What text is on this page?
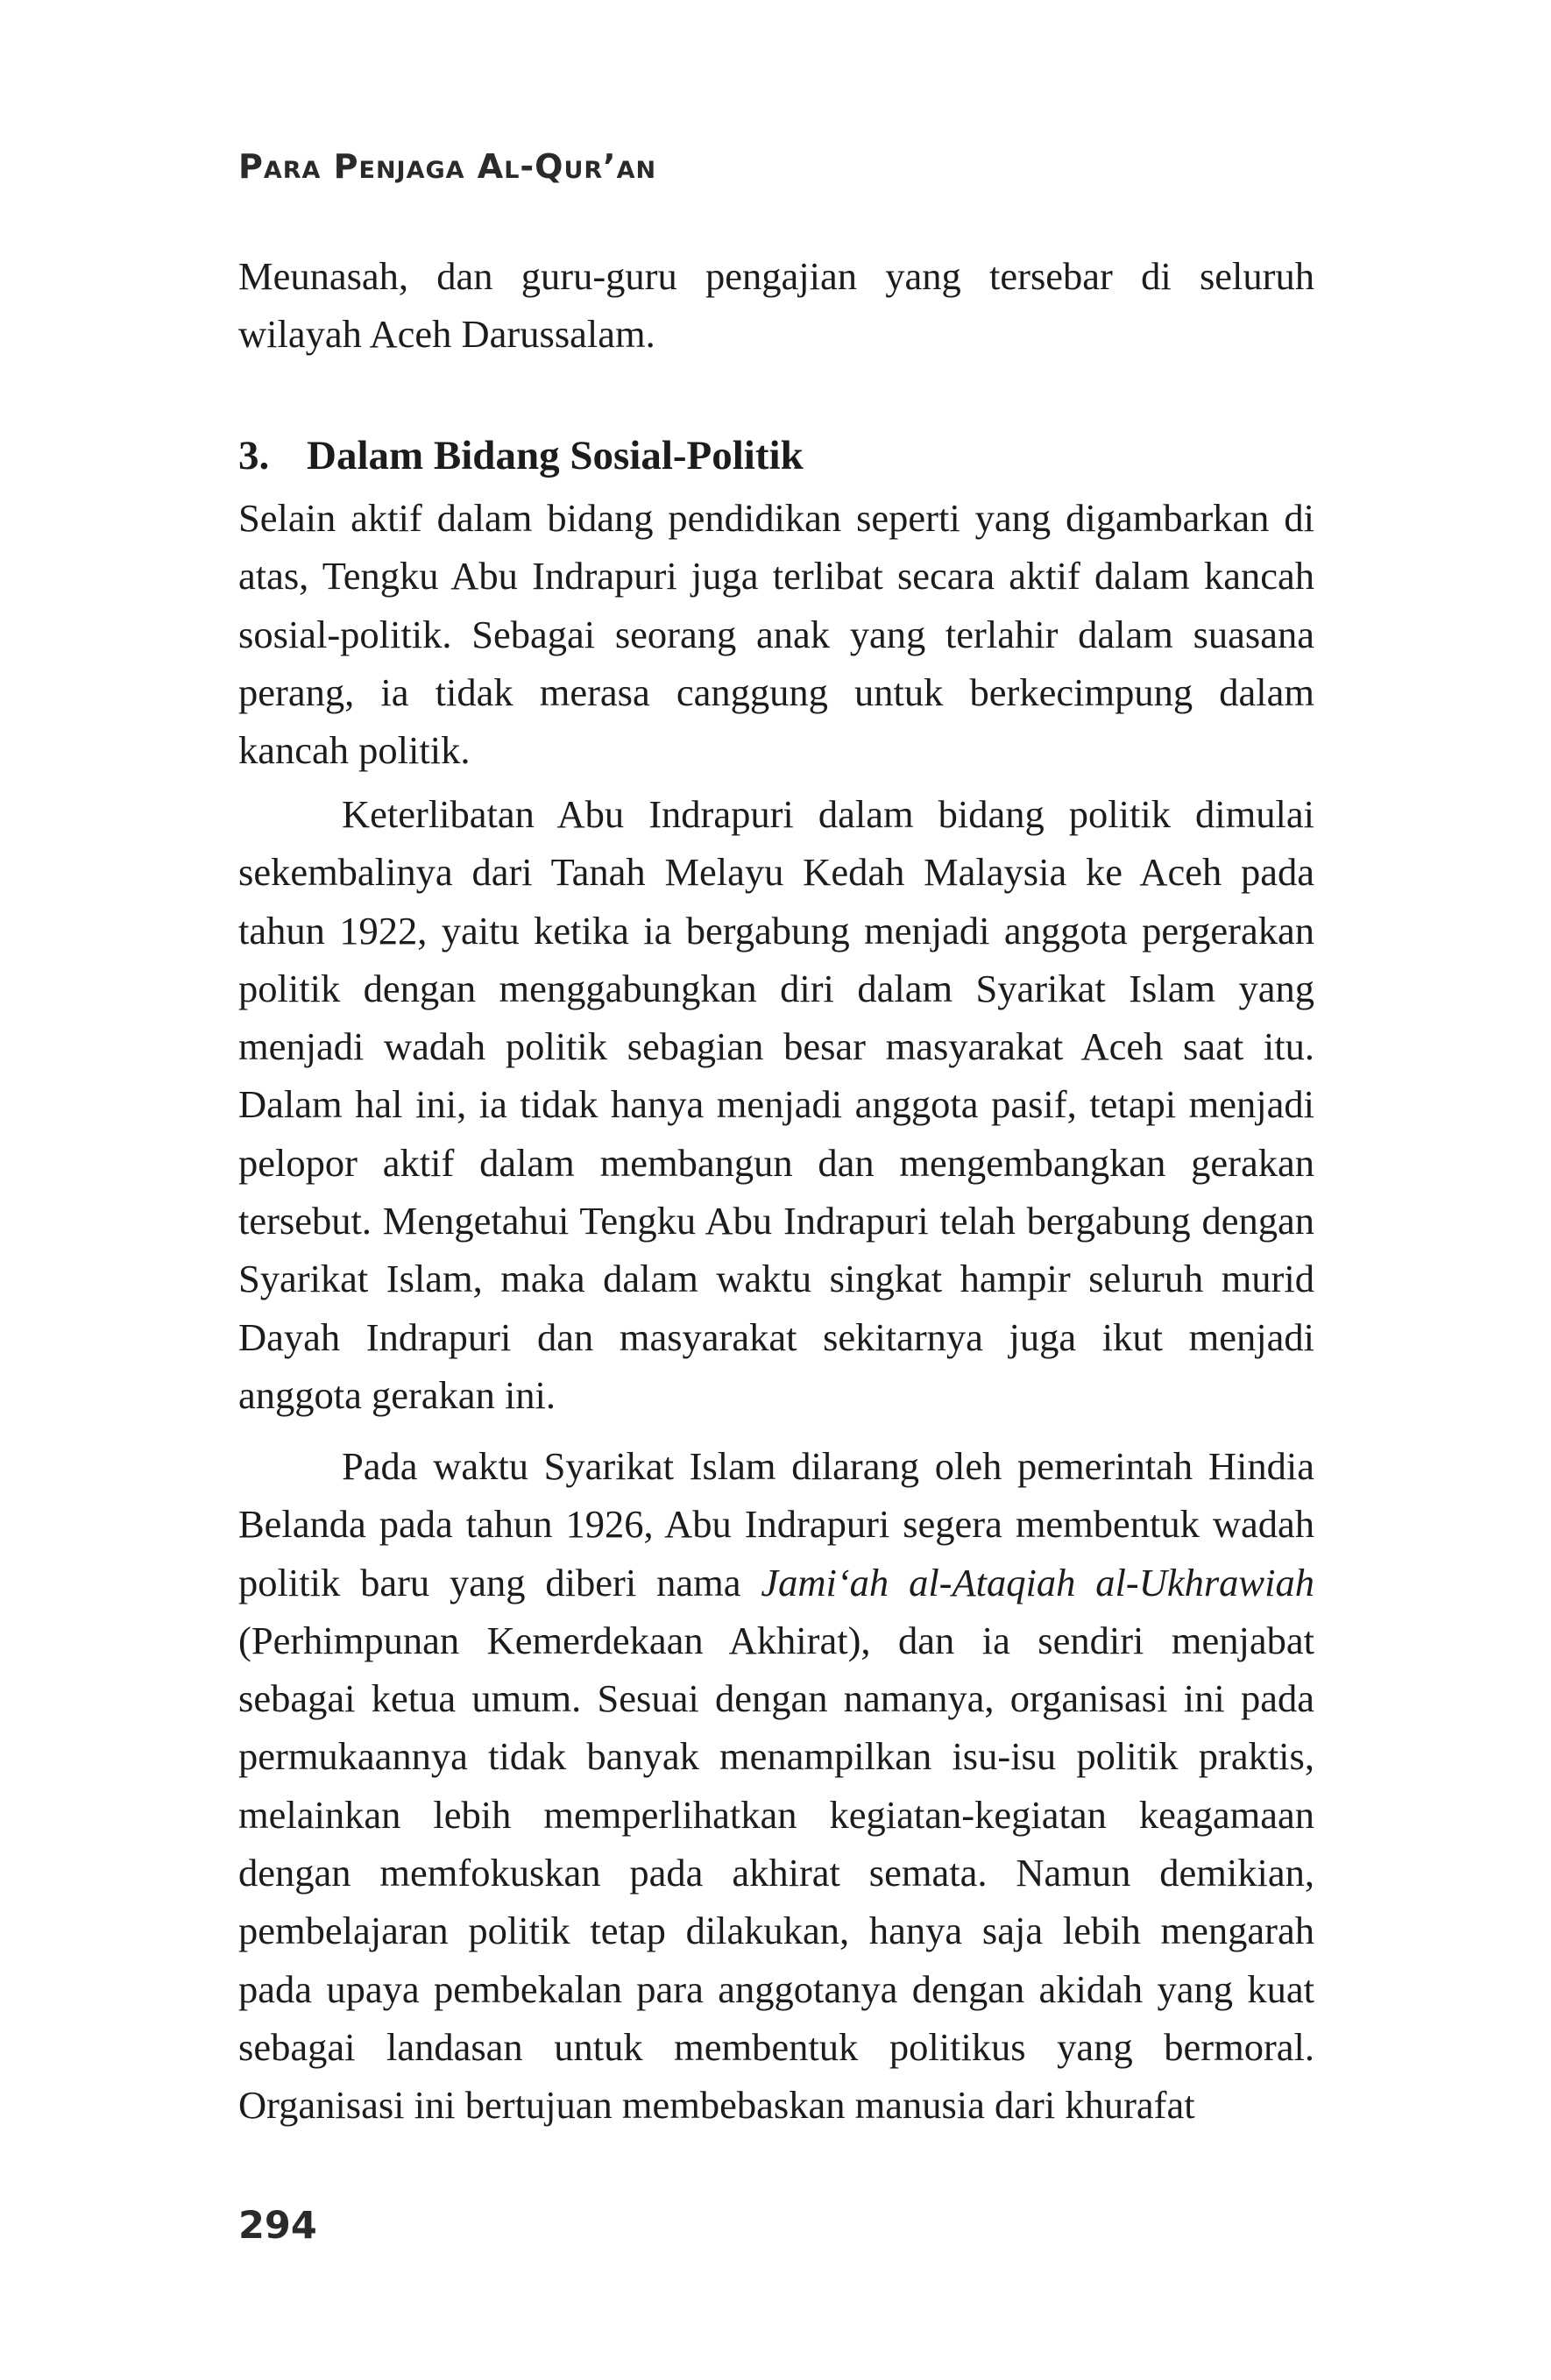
Para Penjaga Al-Qur’an

Meunasah, dan guru-guru pengajian yang tersebar di seluruh wilayah Aceh Darussalam.

3. Dalam Bidang Sosial-Politik

Selain aktif dalam bidang pendidikan seperti yang digambarkan di atas, Tengku Abu Indrapuri juga terlibat secara aktif dalam kancah sosial-politik. Sebagai seorang anak yang terlahir dalam suasana perang, ia tidak merasa canggung untuk berkecimpung dalam kancah politik.

Keterlibatan Abu Indrapuri dalam bidang politik dimulai sekembalinya dari Tanah Melayu Kedah Malaysia ke Aceh pada tahun 1922, yaitu ketika ia bergabung menjadi anggota pergerakan politik dengan menggabungkan diri dalam Syarikat Islam yang menjadi wadah politik sebagian besar masyarakat Aceh saat itu. Dalam hal ini, ia tidak hanya menjadi anggota pasif, tetapi menjadi pelopor aktif dalam membangun dan mengembangkan gerakan tersebut. Mengetahui Tengku Abu Indrapuri telah bergabung dengan Syarikat Islam, maka dalam waktu singkat hampir seluruh murid Dayah Indrapuri dan masyarakat sekitarnya juga ikut menjadi anggota gerakan ini.

Pada waktu Syarikat Islam dilarang oleh pemerintah Hindia Belanda pada tahun 1926, Abu Indrapuri segera membentuk wadah politik baru yang diberi nama Jami‘ah al-Ataqiah al-Ukhrawiah (Perhimpunan Kemerdekaan Akhirat), dan ia sendiri menjabat sebagai ketua umum. Sesuai dengan namanya, organisasi ini pada permukaannya tidak banyak menampilkan isu-isu politik praktis, melainkan lebih memperlihatkan kegiatan-kegiatan keagamaan dengan memfokuskan pada akhirat semata. Namun demikian, pembelajaran politik tetap dilakukan, hanya saja lebih mengarah pada upaya pembekalan para anggotanya dengan akidah yang kuat sebagai landasan untuk membentuk politikus yang bermoral. Organisasi ini bertujuan membebaskan manusia dari khurafat

294
